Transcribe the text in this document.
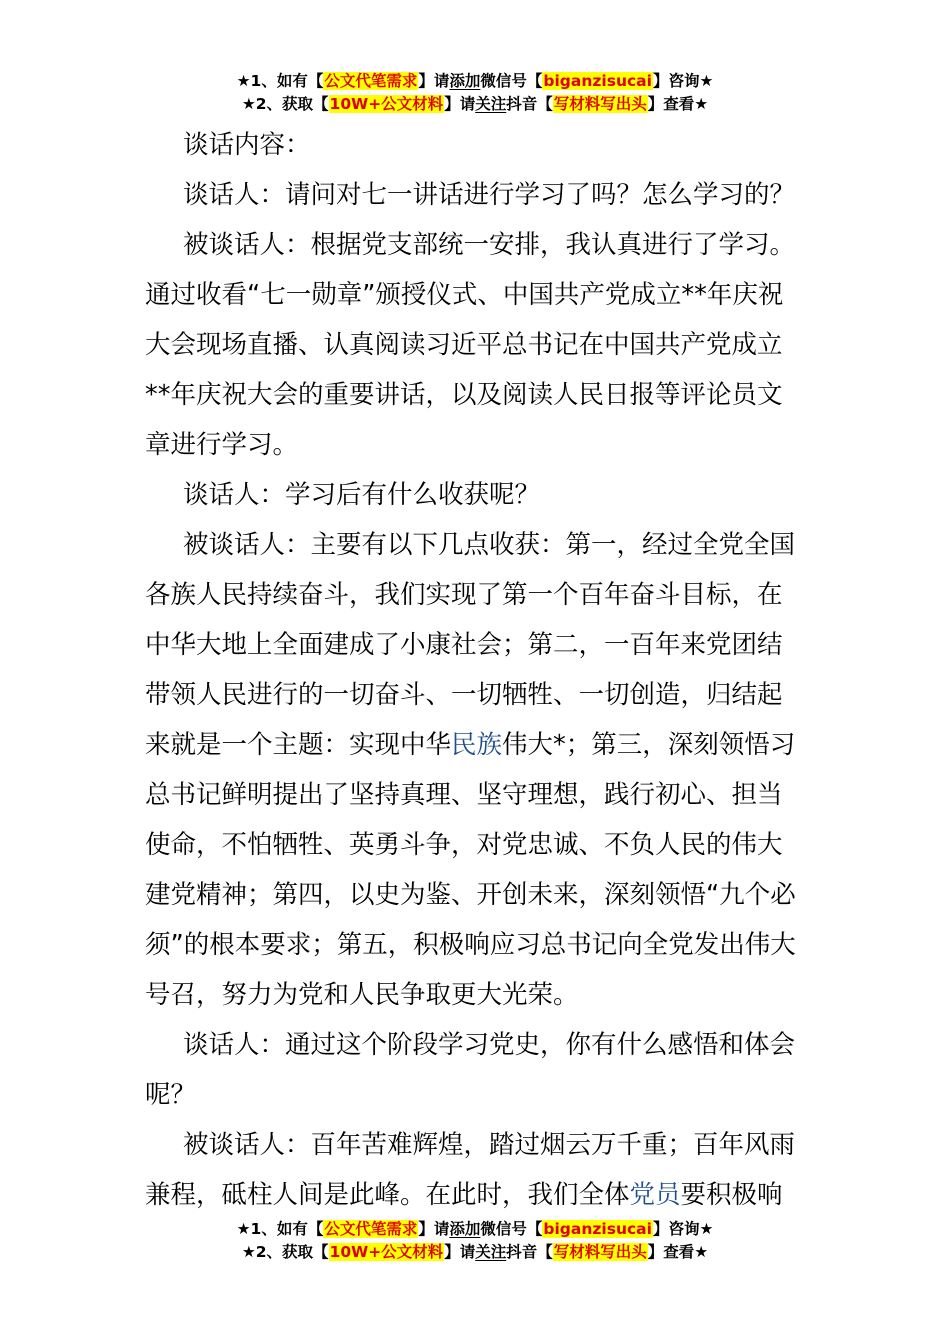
★1、如有【公文代笔需求】请添加微信号【biganzisucai】咨询★
★2、获取【10W+公文材料】请关注抖音【写材料写出头】查看★

谈话内容：

谈话人：请问对七一讲话进行学习了吗？怎么学习的？

被谈话人：根据党支部统一安排，我认真进行了学习。通过收看“七一勋章”颁授仪式、中国共产党成立**年庆祝大会现场直播、认真阅读习近平总书记在中国共产党成立**年庆祝大会的重要讲话，以及阅读人民日报等评论员文章进行学习。

谈话人：学习后有什么收获呢？

被谈话人：主要有以下几点收获：第一，经过全党全国各族人民持续奋斗，我们实现了第一个百年奋斗目标，在中华大地上全面建成了小康社会；第二，一百年来党团结带领人民进行的一切奋斗、一切牺牲、一切创造，归结起来就是一个主题：实现中华民族伟大*；第三，深刻领悟习总书记鲜明提出了坚持真理、坚守理想，践行初心、担当使命，不怕牺牲、英勇斗争，对党忠诚、不负人民的伟大建党精神；第四，以史为鉴、开创未来，深刻领悟“九个必须”的根本要求；第五，积极响应习总书记向全党发出伟大号召，努力为党和人民争取更大光荣。

谈话人：通过这个阶段学习党史，你有什么感悟和体会呢？

被谈话人：百年苦难辉煌，踏过烟云万千重；百年风雨兼程，砥柱人间是此峰。在此时，我们全体党员要积极响

★1、如有【公文代笔需求】请添加微信号【biganzisucai】咨询★
★2、获取【10W+公文材料】请关注抖音【写材料写出头】查看★
